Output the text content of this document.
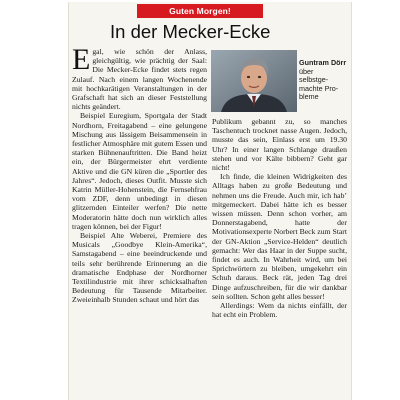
Guten Morgen!
In der Mecker-Ecke

Egal, wie schön der Anlass, gleichgültig, wie prächtig der Saal: Die Mecker-Ecke findet stets regen Zulauf. Nach einem langen Wochenende mit hochkarätigen Veranstaltungen in der Grafschaft hat sich an dieser Feststellung nichts geändert.

Beispiel Euregium, Sportgala der Stadt Nordhorn, Freitagabend – eine gelungene Mischung aus lässigem Beisammensein in festlicher Atmosphäre mit gutem Essen und starken Bühnenauftritten. Die Band heizt ein, der Bürgermeister ehrt verdiente Aktive und die GN küren die „Sportler des Jahres“. Jedoch, dieses Outfit. Musste sich Katrin Müller-Hohenstein, die Fernsehfrau vom ZDF, denn unbedingt in diesen glitzernden Einteiler werfen? Die nette Moderatorin hätte doch nun wirklich alles tragen können, bei der Figur!

Beispiel Alte Weberei, Premiere des Musicals „Goodbye Klein-Amerika“, Samstagabend – eine beeindruckende und teils sehr berührende Erinnerung an die dramatische Endphase der Nordhorner Textilindustrie mit ihrer schicksalhaften Bedeutung für Tausende Mitarbeiter. Zweieinhalb Stunden schaut und hört das

Guntram Dörr
über
selbstge-
machte Pro-
bleme

Publikum gebannt zu, so manches Taschentuch trocknet nasse Augen. Jedoch, musste das sein, Einlass erst um 19.30 Uhr? In einer langen Schlange draußen stehen und vor Kälte bibbern? Geht gar nicht!

Ich finde, die kleinen Widrigkeiten des Alltags haben zu große Bedeutung und nehmen uns die Freude. Auch mir, ich hab’ mitgemeckert. Dabei hätte ich es besser wissen müssen. Denn schon vorher, am Donnerstagabend, hatte der Motivationsexperte Norbert Beck zum Start der GN-Aktion „Service-Helden“ deutlich gemacht: Wer das Haar in der Suppe sucht, findet es auch. In Wahrheit wird, um bei Sprichwörtern zu bleiben, umgekehrt ein Schuh daraus. Beck rät, jeden Tag drei Dinge aufzuschreiben, für die wir dankbar sein sollten. Schon geht alles besser!

Allerdings: Wem da nichts einfällt, der hat echt ein Problem.
